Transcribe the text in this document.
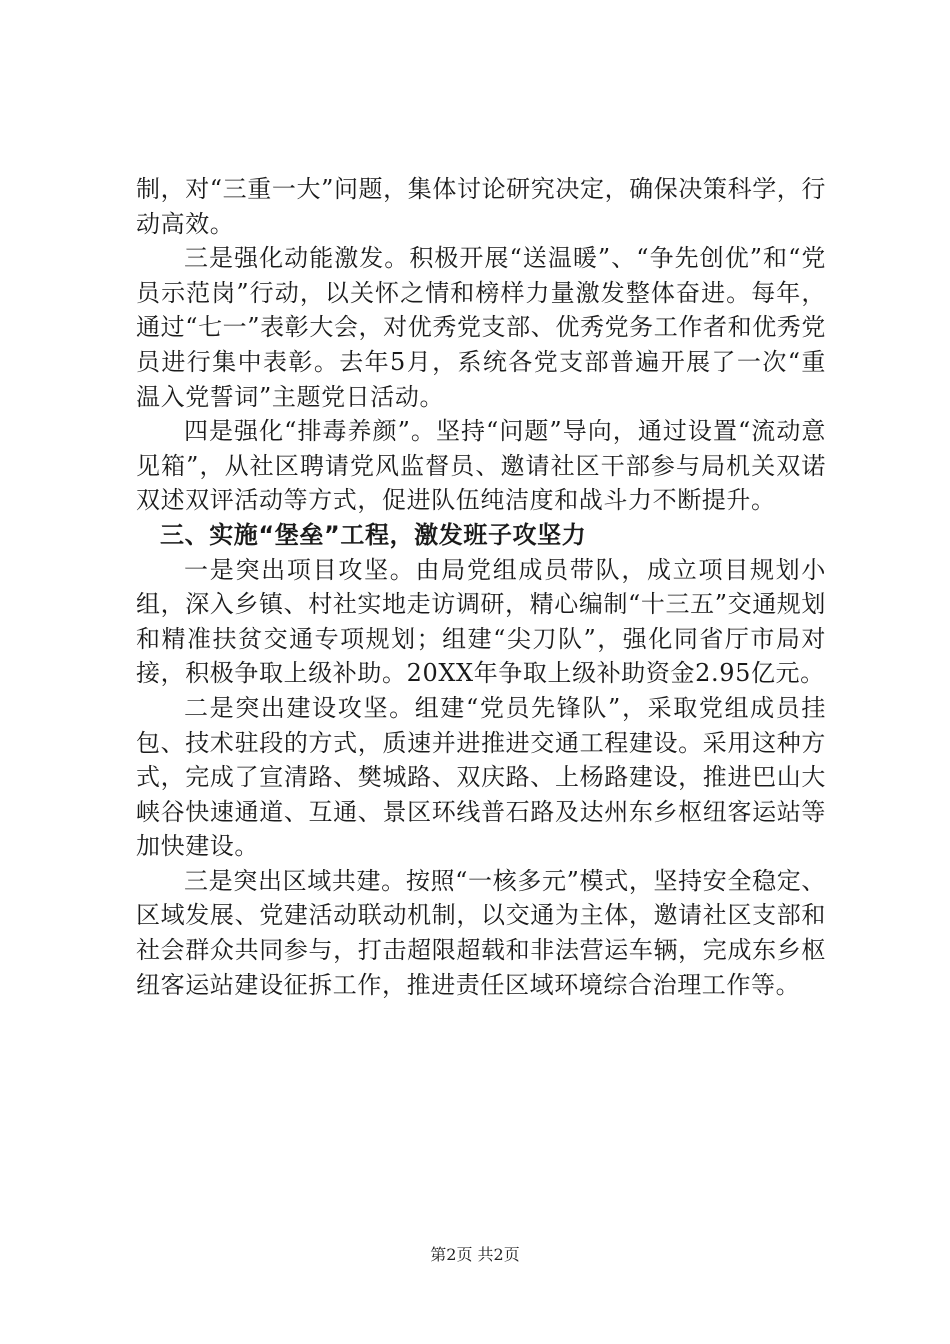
制，对“三重一大”问题，集体讨论研究决定，确保决策科学，行动高效。

三是强化动能激发。积极开展“送温暖”、“争先创优”和“党员示范岗”行动，以关怀之情和榜样力量激发整体奋进。每年，通过“七一”表彰大会，对优秀党支部、优秀党务工作者和优秀党员进行集中表彰。去年5月，系统各党支部普遍开展了一次“重温入党誓词”主题党日活动。

四是强化“排毒养颜”。坚持“问题”导向，通过设置“流动意见箱”，从社区聘请党风监督员、邀请社区干部参与局机关双诺双述双评活动等方式，促进队伍纯洁度和战斗力不断提升。

三、实施“堡垒”工程，激发班子攻坚力

一是突出项目攻坚。由局党组成员带队，成立项目规划小组，深入乡镇、村社实地走访调研，精心编制“十三五”交通规划和精准扶贫交通专项规划；组建“尖刀队”，强化同省厅市局对接，积极争取上级补助。20XX年争取上级补助资金2.95亿元。

二是突出建设攻坚。组建“党员先锋队”，采取党组成员挂包、技术驻段的方式，质速并进推进交通工程建设。采用这种方式，完成了宣清路、樊城路、双庆路、上杨路建设，推进巴山大峡谷快速通道、互通、景区环线普石路及达州东乡枢纽客运站等加快建设。

三是突出区域共建。按照“一核多元”模式，坚持安全稳定、区域发展、党建活动联动机制，以交通为主体，邀请社区支部和社会群众共同参与，打击超限超载和非法营运车辆，完成东乡枢纽客运站建设征拆工作，推进责任区域环境综合治理工作等。

第2页 共2页
